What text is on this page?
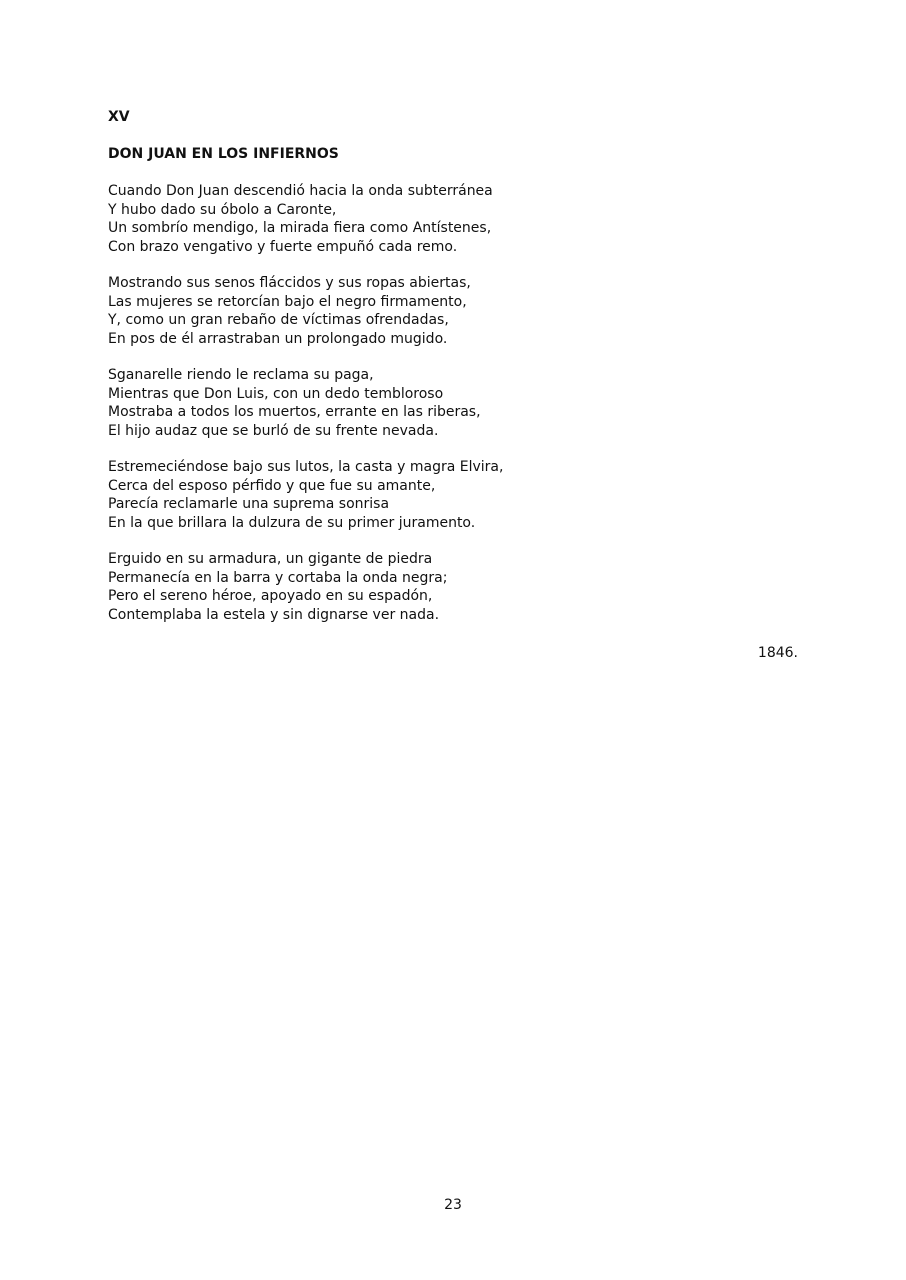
XV

DON JUAN EN LOS INFIERNOS

Cuando Don Juan descendió hacia la onda subterránea
Y hubo dado su óbolo a Caronte,
Un sombrío mendigo, la mirada fiera como Antístenes,
Con brazo vengativo y fuerte empuñó cada remo.
Mostrando sus senos fláccidos y sus ropas abiertas,
Las mujeres se retorcían bajo el negro firmamento,
Y, como un gran rebaño de víctimas ofrendadas,
En pos de él arrastraban un prolongado mugido.
Sganarelle riendo le reclama su paga,
Mientras que Don Luis, con un dedo tembloroso
Mostraba a todos los muertos, errante en las riberas,
El hijo audaz que se burló de su frente nevada.
Estremeciéndose bajo sus lutos, la casta y magra Elvira,
Cerca del esposo pérfido y que fue su amante,
Parecía reclamarle una suprema sonrisa
En la que brillara la dulzura de su primer juramento.
Erguido en su armadura, un gigante de piedra
Permanecía en la barra y cortaba la onda negra;
Pero el sereno héroe, apoyado en su espadón,
Contemplaba la estela y sin dignarse ver nada.

1846.

23
